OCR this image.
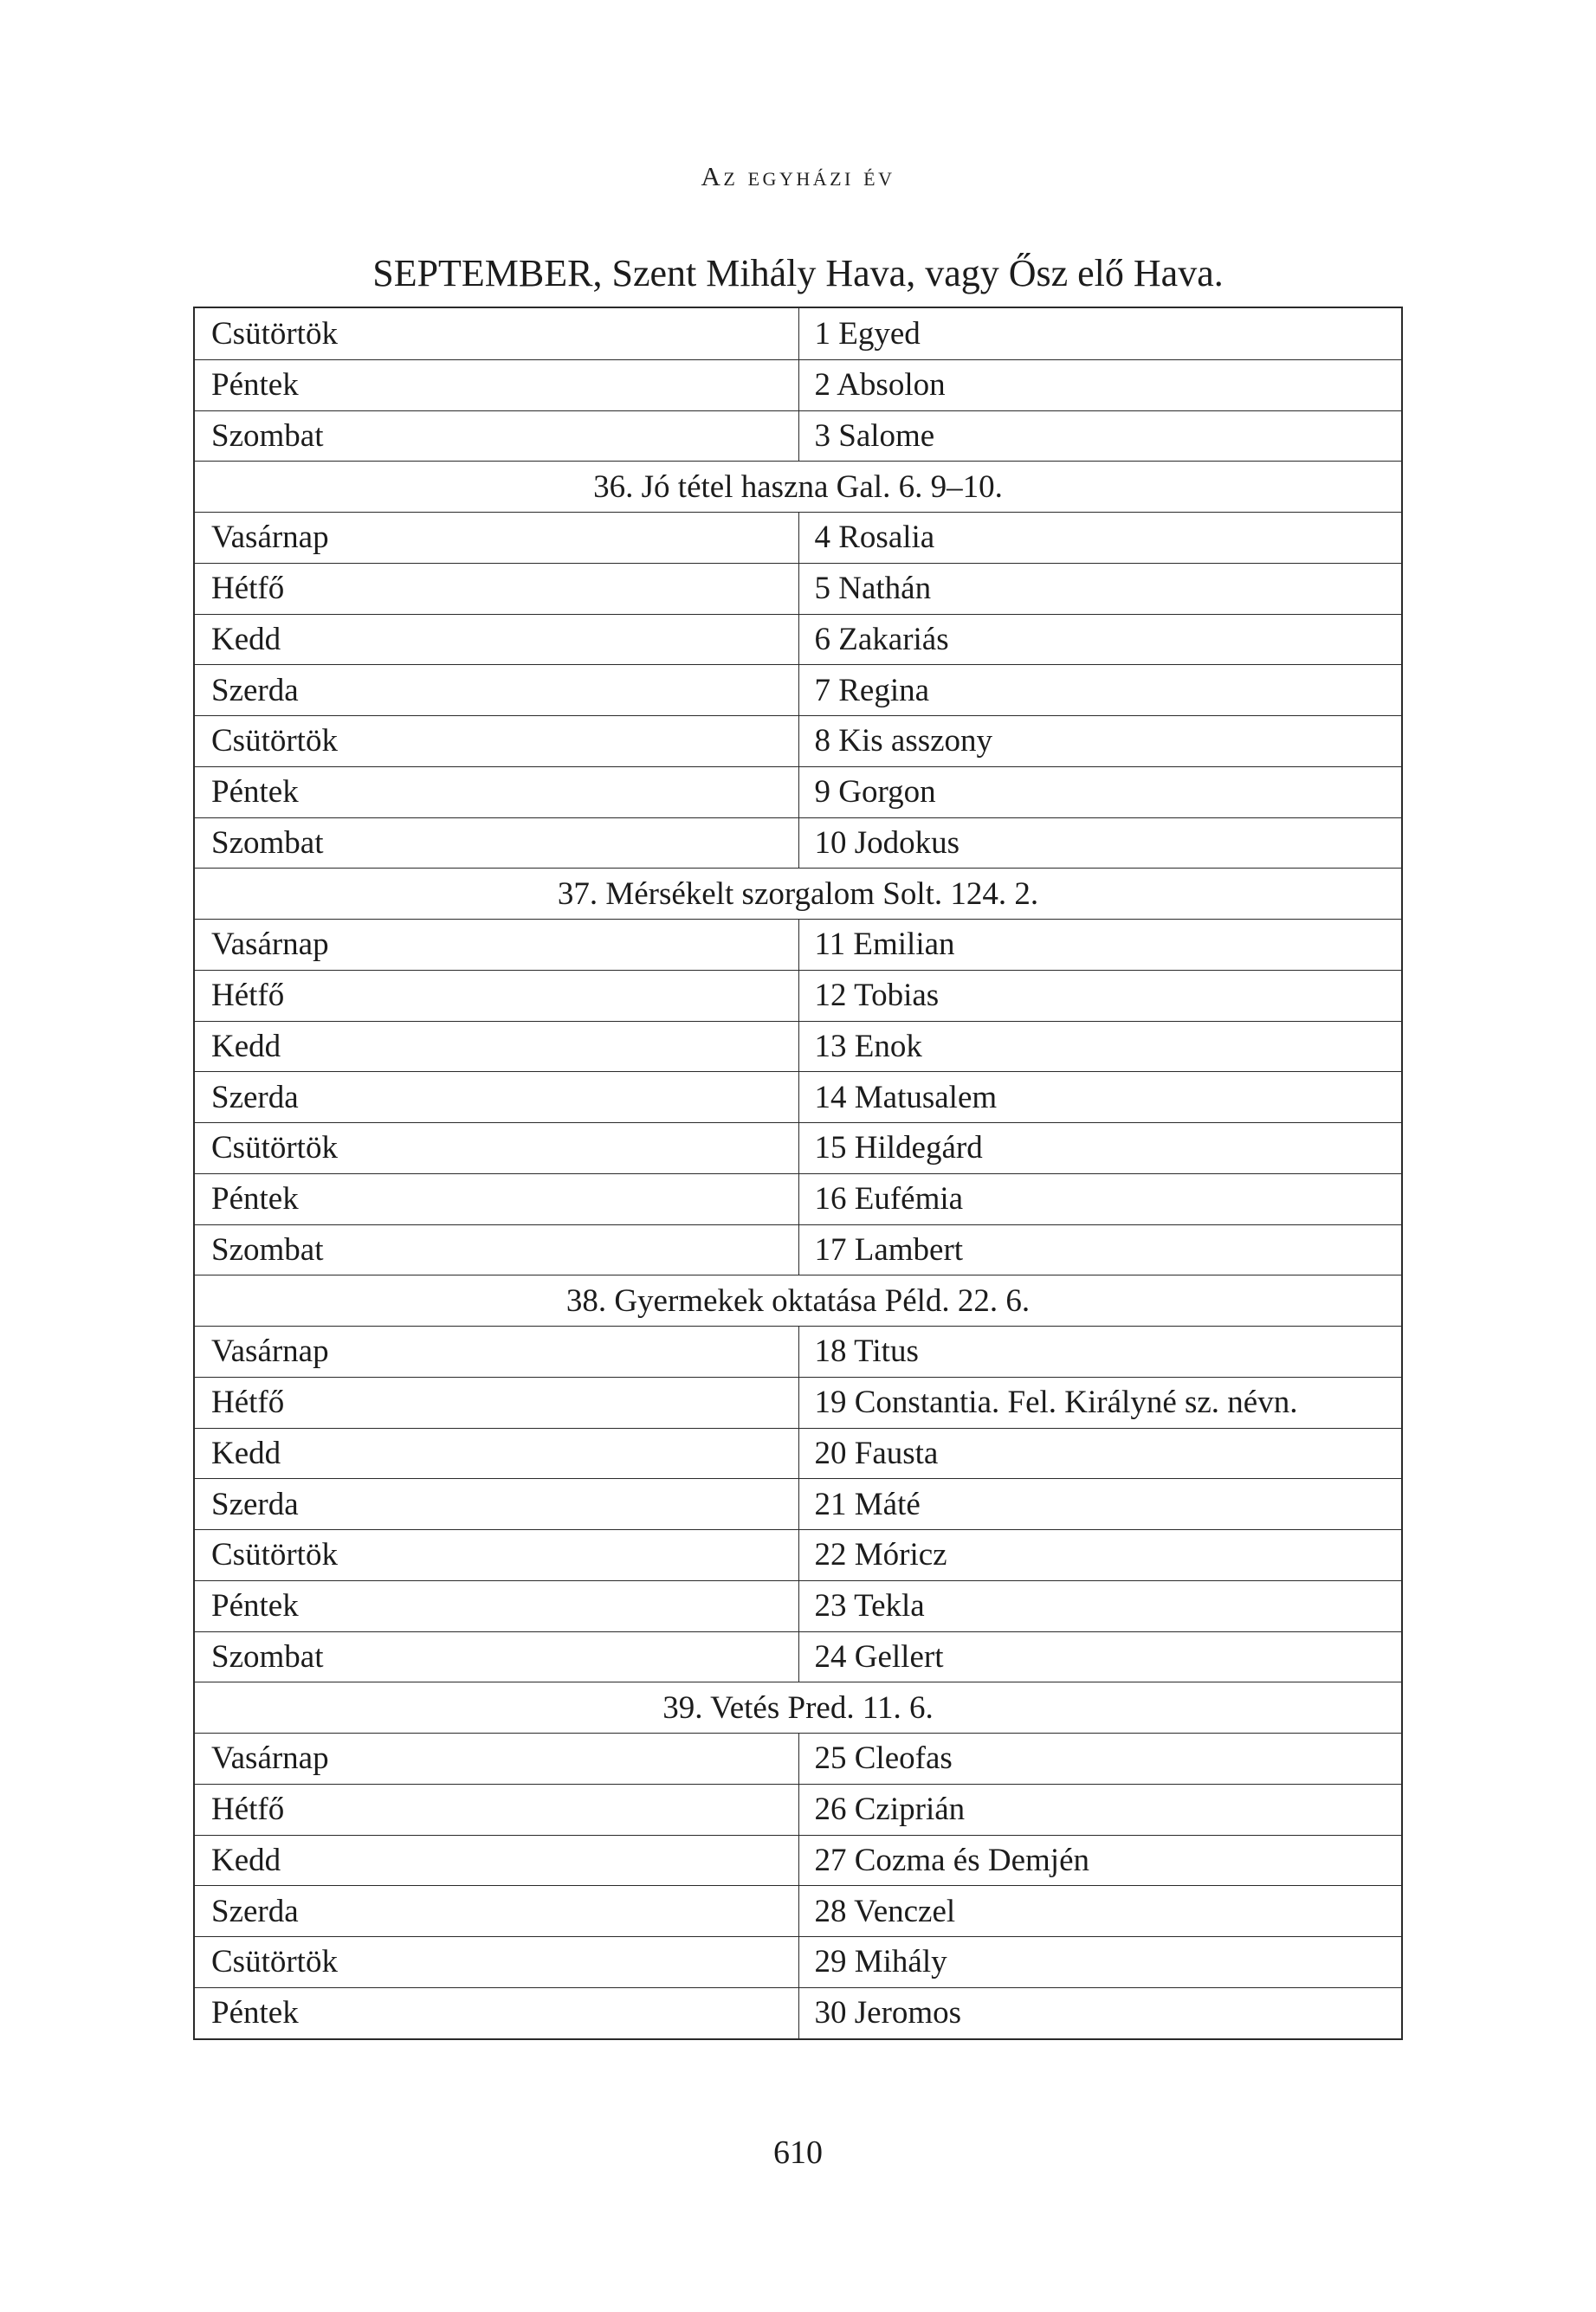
Az egyházi év
SEPTEMBER, Szent Mihály Hava, vagy Ősz elő Hava.
Csütörtök	1 Egyed
Péntek	2 Absolon
Szombat	3 Salome
36. Jó tétel haszna Gal. 6. 9–10.
Vasárnap	4 Rosalia
Hétfő	5 Nathán
Kedd	6 Zakariás
Szerda	7 Regina
Csütörtök	8 Kis asszony
Péntek	9 Gorgon
Szombat	10 Jodokus
37. Mérsékelt szorgalom Solt. 124. 2.
Vasárnap	11 Emilian
Hétfő	12 Tobias
Kedd	13 Enok
Szerda	14 Matusalem
Csütörtök	15 Hildegárd
Péntek	16 Eufémia
Szombat	17 Lambert
38. Gyermekek oktatása Péld. 22. 6.
Vasárnap	18 Titus
Hétfő	19 Constantia. Fel. Királyné sz. névn.
Kedd	20 Fausta
Szerda	21 Máté
Csütörtök	22 Móricz
Péntek	23 Tekla
Szombat	24 Gellert
39. Vetés Pred. 11. 6.
Vasárnap	25 Cleofas
Hétfő	26 Cziprián
Kedd	27 Cozma és Demjén
Szerda	28 Venczel
Csütörtök	29 Mihály
Péntek	30 Jeromos
610
